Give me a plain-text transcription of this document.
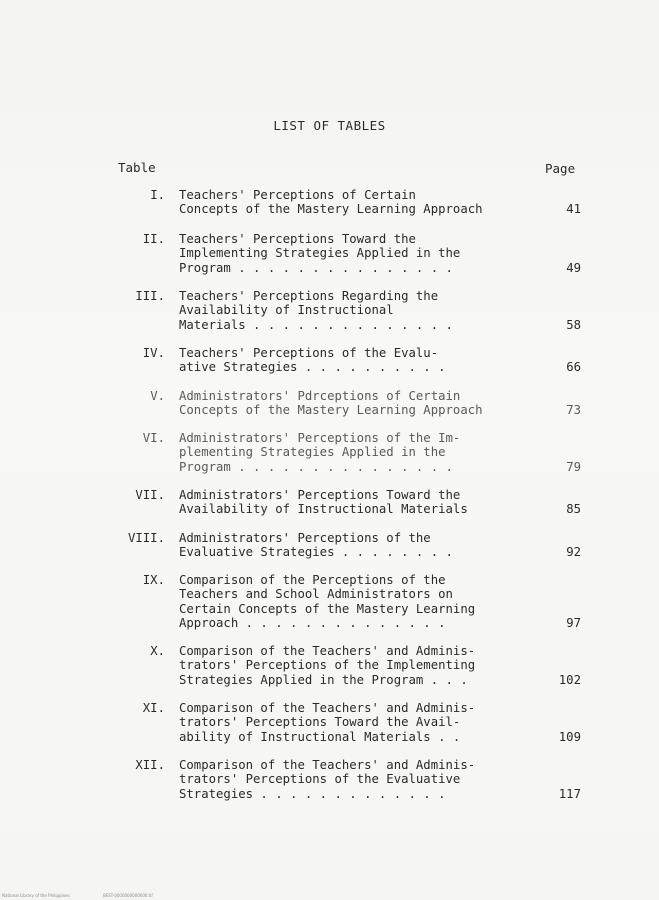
LIST OF TABLES
Table	Page
I. Teachers' Perceptions of Certain
Concepts of the Mastery Learning Approach	41
II. Teachers' Perceptions Toward the
Implementing Strategies Applied in the
Program . . . . . . . . . . . . . . .	49
III. Teachers' Perceptions Regarding the
Availability of Instructional
Materials . . . . . . . . . . . . . .	58
IV. Teachers' Perceptions of the Evalu-
ative Strategies . . . . . . . . . .	66
V. Administrators' Pdrceptions of Certain
Concepts of the Mastery Learning Approach	73
VI. Administrators' Perceptions of the Im-
plementing Strategies Applied in the
Program . . . . . . . . . . . . . . .	79
VII. Administrators' Perceptions Toward the
Availability of Instructional Materials	85
VIII. Administrators' Perceptions of the
Evaluative Strategies . . . . . . . .	92
IX. Comparison of the Perceptions of the
Teachers and School Administrators on
Certain Concepts of the Mastery Learning
Approach . . . . . . . . . . . . . .	97
X. Comparison of the Teachers' and Adminis-
trators' Perceptions of the Implementing
Strategies Applied in the Program . . .	102
XI. Comparison of the Teachers' and Adminis-
trators' Perceptions Toward the Avail-
ability of Instructional Materials . .	109
XII. Comparison of the Teachers' and Adminis-
trators' Perceptions of the Evaluative
Strategies . . . . . . . . . . . . .	117
National Library of the Philippines	BEST-0000000000000.tif
